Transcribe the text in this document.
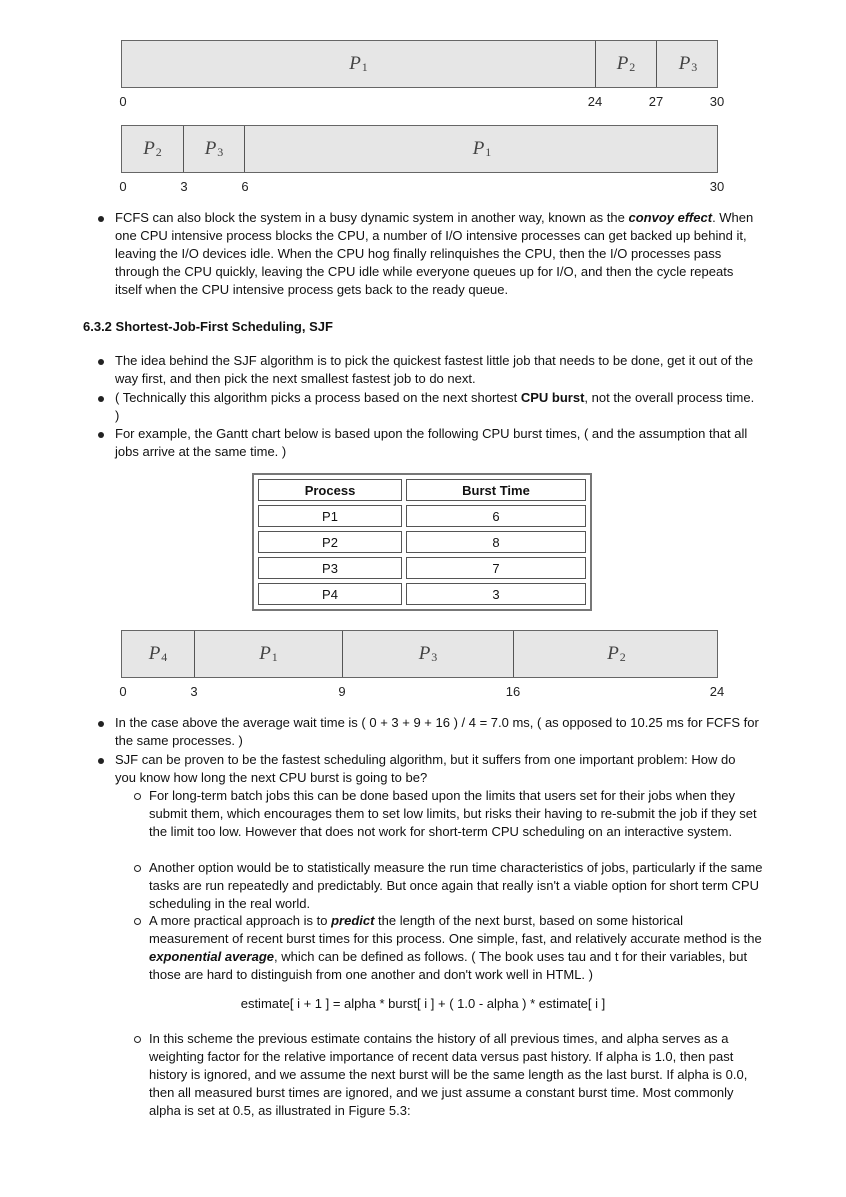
$P_1$	$P_2$ $P_3$
0	24	27	30
$P_2$ $P_3$	$P_1$
0	3	6	30
FCFS can also block the system in a busy dynamic system in another way, known as the convoy effect. When one CPU intensive process blocks the CPU, a number of I/O intensive processes can get backed up behind it, leaving the I/O devices idle. When the CPU hog finally relinquishes the CPU, then the I/O processes pass through the CPU quickly, leaving the CPU idle while everyone queues up for I/O, and then the cycle repeats itself when the CPU intensive process gets back to the ready queue.
6.3.2 Shortest-Job-First Scheduling, SJF
The idea behind the SJF algorithm is to pick the quickest fastest little job that needs to be done, get it out of the way first, and then pick the next smallest fastest job to do next.
( Technically this algorithm picks a process based on the next shortest CPU burst, not the overall process time. )
For example, the Gantt chart below is based upon the following CPU burst times, ( and the assumption that all jobs arrive at the same time. )
Process	Burst Time
P1	6
P2	8
P3	7
P4	3
$P_4$	$P_1$	$P_3$	$P_2$
0	3	9	16	24
In the case above the average wait time is ( 0 + 3 + 9 + 16 ) / 4 = 7.0 ms, ( as opposed to 10.25 ms for FCFS for the same processes. )
SJF can be proven to be the fastest scheduling algorithm, but it suffers from one important problem: How do you know how long the next CPU burst is going to be?
For long-term batch jobs this can be done based upon the limits that users set for their jobs when they submit them, which encourages them to set low limits, but risks their having to re-submit the job if they set the limit too low. However that does not work for short-term CPU scheduling on an interactive system.
Another option would be to statistically measure the run time characteristics of jobs, particularly if the same tasks are run repeatedly and predictably. But once again that really isn't a viable option for short term CPU scheduling in the real world.
A more practical approach is to predict the length of the next burst, based on some historical measurement of recent burst times for this process. One simple, fast, and relatively accurate method is the exponential average, which can be defined as follows. ( The book uses tau and t for their variables, but those are hard to distinguish from one another and don't work well in HTML. )
estimate[ i + 1 ] = alpha * burst[ i ] + ( 1.0 - alpha ) * estimate[ i ]
In this scheme the previous estimate contains the history of all previous times, and alpha serves as a weighting factor for the relative importance of recent data versus past history. If alpha is 1.0, then past history is ignored, and we assume the next burst will be the same length as the last burst. If alpha is 0.0, then all measured burst times are ignored, and we just assume a constant burst time. Most commonly alpha is set at 0.5, as illustrated in Figure 5.3:
